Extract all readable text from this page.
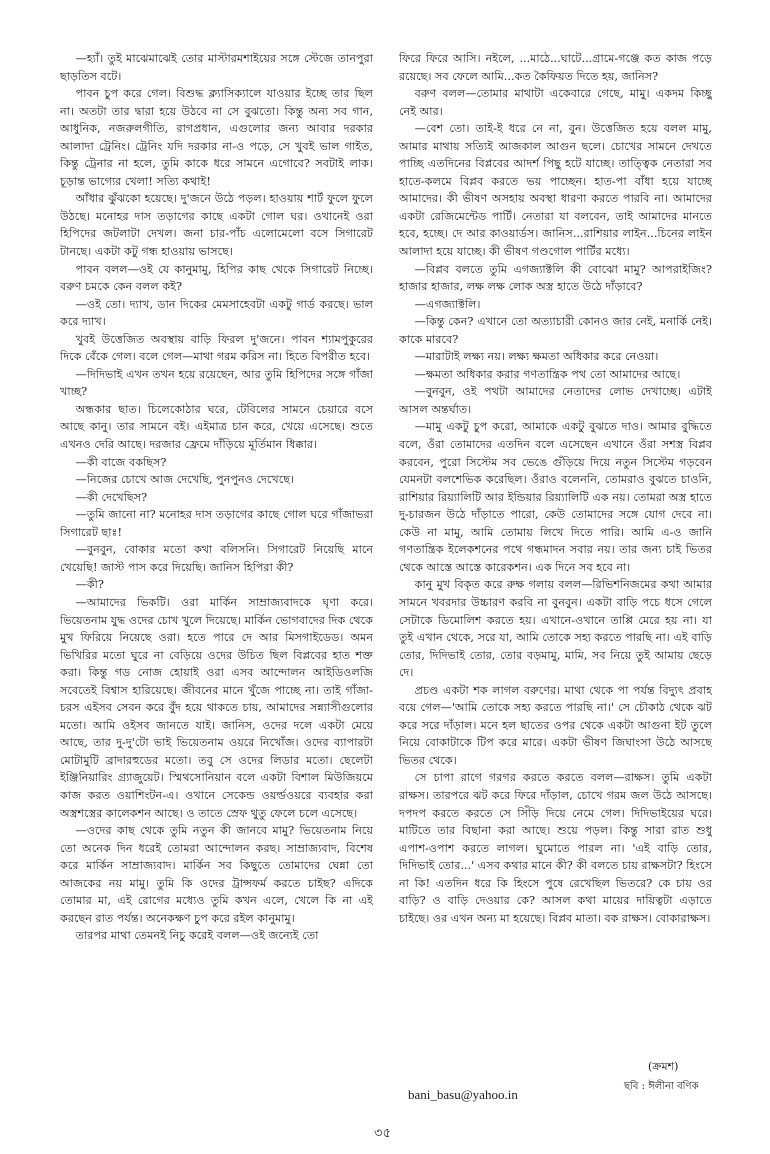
—হ্যাঁ। তুই মাঝেমাঝেই তোর মাস্টারমশাইয়ের সঙ্গে স্টেজে তানপুরা ছাড়তিস বটে।

পাবন চুপ করে গেল। বিশুদ্ধ ক্ল্যাসিক্যালে যাওয়ার ইচ্ছে তার ছিল না। অতটা তার দ্বারা হয়ে উঠবে না সে বুঝতো। কিন্তু অন্য সব গান, আধুনিক, নজরুলগীতি, রাগপ্রধান, এগুলোর জন্য আবার দরকার আলাদা ট্রেনিং। ট্রেনিং যদি দরকার না-ও পড়ে, সে খুবই ভাল গাইত, কিন্তু ট্রেনার না হলে, তুমি কাকে ধরে সামনে এগোবে? সবটাই লাক। চূড়ান্ত ভাগ্যের খেলা! সত্যি কথাই!

আঁধার ঝুঁঝকো হয়েছে। দু'জনে উঠে পড়ল। হাওয়ায় শার্ট ফুলে ফুলে উঠছে। মনোহর দাস তড়াগের কাছে একটা গোল ঘর। ওখানেই ওরা হিপিদের জটলাটা দেখল। জনা চার-পাঁচ এলোমেলো বসে সিগারেট টানছে। একটা কটু গন্ধ হাওয়ায় ভাসছে।

পাবন বলল—ওই যে কানুমামু, হিপির কাছ থেকে সিগারেট নিচ্ছে। বরুণ চমকে কেন বলল কই?

—ওই তো। দ্যাখ, ডান দিকের মেমসাহেবটা একটু গার্ড করছে। ভাল করে দ্যাখ।

খুবই উত্তেজিত অবস্থায় বাড়ি ফিরল দু'জনে। পাবন শ্যামপুকুরের দিকে বেঁকে গেল। বলে গেল—মাথা গরম করিস না। হিতে বিপরীত হবে।

—দিদিভাই এখন তখন হয়ে রয়েছেন, আর তুমি হিপিদের সঙ্গে গাঁজা খাচ্ছ?

অন্ধকার ছাত। চিলেকোঠার ঘরে, টেবিলের সামনে চেয়ারে বসে আছে কানু। তার সামনে বই। এইমাত্র চান করে, খেয়ে এসেছে। শুতে এখনও দেরি আছে। দরজার ফ্রেমে দাঁড়িয়ে মূর্তিমান ধিক্কার।

—কী বাজে বকছিস?

—নিজের চোখে আজ দেখেছি, পুনপুনও দেখেছে।

—কী দেখেছিস?

—তুমি জানো না? মনোহর দাস তড়াগের কাছে গোল ঘরে গাঁজাভরা সিগারেট ছাঃ!

—বুনবুন, বোকার মতো কথা বলিসনি। সিগারেট নিয়েছি মানে খেয়েছি! জাস্ট পাস করে দিয়েছি। জানিস হিপিরা কী?

—কী?

—আমাদের ভিকটি। ওরা মার্কিন সাম্রাজ্যবাদকে ঘৃণা করে। ভিয়েতনাম যুদ্ধ ওদের চোখ খুলে দিয়েছে। মার্কিন ভোগবাদের দিক থেকে মুখ ফিরিয়ে নিয়েছে ওরা। হতে পারে দে আর মিসগাইডেড। অমন ভিখিরির মতো ঘুরে না বেড়িয়ে ওদের উচিত ছিল বিপ্লবের হাত শক্ত করা। কিন্তু গড নোজ হোয়াই ওরা এসব আন্দোলন আইডিওলজি সবেতেই বিশ্বাস হারিয়েছে। জীবনের মানে খুঁজে পাচ্ছে না। তাই গাঁজা-চরস এইসব সেবন করে বুঁদ হয়ে থাকতে চায়, আমাদের সন্ন্যাসীগুলোর মতো। আমি ওইসব জানতে যাই। জানিস, ওদের দলে একটা মেয়ে আছে, তার দু-দু'টো ভাই ভিয়েতনাম ওয়রে নিখোঁজ। ওদের ব্যাপারটা মোটামুটি ব্রাদারহুডের মতো। তবু সে ওদের লিডার মতো। ছেলেটা ইঞ্জিনিয়ারিং গ্র্যাজুয়েট। স্মিথসোনিয়ান বলে একটা বিশাল মিউজিয়মে কাজ করত ওয়াশিংটন-এ। ওখানে সেকেন্ড ওয়র্ল্ডওয়রে ব্যবহার করা অস্ত্রশস্ত্রের কালেকশন আছে। ও তাতে স্রেফ থুতু ফেলে চলে এসেছে।

—ওদের কাছ থেকে তুমি নতুন কী জানবে মামু? ভিয়েতনাম নিয়ে তো অনেক দিন ধরেই তোমরা আন্দোলন করছ। সাম্রাজ্যবাদ, বিশেষ করে মার্কিন সাম্রাজ্যবাদ। মার্কিন সব কিছুতে তোমাদের ঘেন্না তো আজকের নয় মামু। তুমি কি ওদের ট্রান্সফর্ম করতে চাইছ? এদিকে তোমার মা, এই রোগের মধ্যেও তুমি কখন এলে, খেলে কি না এই করছেন রাত পর্যন্ত। অনেকক্ষণ চুপ করে রইল কানুমামু।

তারপর মাথা তেমনই নিচু করেই বলল—ওই জন্যেই তো

ফিরে ফিরে আসি। নইলে, ...মাঠে...ঘাটে...গ্রামে-গঞ্জে কত কাজ পড়ে রয়েছে। সব ফেলে আমি...কত কৈফিয়ত দিতে হয়, জানিস?

বরুণ বলল—তোমার মাথাটা একেবারে গেছে, মামু। একদম কিচ্ছু নেই আর।

—বেশ তো। তাই-ই ধরে নে না, বুন। উত্তেজিত হয়ে বলল মামু, আমার মাথায় সত্যিই আজকাল আগুন ছলে। চোখের সামনে দেখতে পাচ্ছি এতদিনের বিপ্লবের আদর্শ পিছু হটে যাচ্ছে। তাত্ত্বিক নেতারা সব হাতে-কলমে বিপ্লব করতে ভয় পাচ্ছেন। হাত-পা বাঁধা হয়ে যাচ্ছে আমাদের। কী ভীষণ অসহায় অবস্থা ধারণা করতে পারবি না। আমাদের একটা রেজিমেন্টেড পার্টি। নেতারা যা বলবেন, তাই আমাদের মানতে হবে, হচ্ছে। দে আর কাওয়ার্ডস। জানিস...রাশিয়ার লাইন...চিনের লাইন আলাদা হয়ে যাচ্ছে। কী ভীষণ গণ্ডগোল পার্টির মধ্যে।

—বিপ্লব বলতে তুমি এগজ্যাক্টলি কী বোঝো মামু? আপরাইজিং? হাজার হাজার, লক্ষ লক্ষ লোক অস্ত্র হাতে উঠে দাঁড়াবে?

—এগজ্যাক্টলি।

—কিন্তু কেন? এখানে তো অত্যাচারী কোনও জার নেই, মনার্কি নেই। কাকে মারবে?

—মারাটাই লক্ষ্য নয়। লক্ষ্য ক্ষমতা অধিকার করে নেওয়া।

—ক্ষমতা অধিকার করার গণতান্ত্রিক পথ তো আমাদের আছে।

—বুনবুন, ওই পথটা আমাদের নেতাদের লোভ দেখাচ্ছে। এটাই আসল অন্তর্ঘাত।

—মামু একটু চুপ করো, আমাকে একটু বুঝতে দাও। আমার বুদ্ধিতে বলে, ওঁরা তোমাদের এতদিন বলে এসেছেন এখানে ওঁরা সশস্ত্র বিপ্লব করবেন, পুরো সিস্টেম সব ভেঙে গুঁড়িয়ে দিয়ে নতুন সিস্টেম গড়বেন যেমনটা বলশেভিক করেছিল। ওঁরাও বলেননি, তোমরাও বুঝতে চাওনি, রাশিয়ার রিয়্যালিটি আর ইন্ডিয়ার রিয়্যালিটি এক নয়। তোমরা অস্ত্র হাতে দু-চারজন উঠে দাঁড়াতে পারো, কেউ তোমাদের সঙ্গে যোগ দেবে না। কেউ না মামু, আমি তোমায় লিখে দিতে পারি। আমি এ-ও জানি গণতান্ত্রিক ইলেকশনের পথে গন্ধমাদন সবার নয়। তার জন্য চাই ভিতর থেকে আস্তে আস্তে কারেকশন। এক দিনে সব হবে না।

কানু মুখ বিকৃত করে রুক্ষ গলায় বলল—রিভিশনিজমের কথা আমার সামনে খবরদার উচ্চারণ করবি না বুনবুন। একটা বাড়ি পচে ধসে গেলে সেটাকে ডিমোলিশ করতে হয়। এখানে-ওখানে তাপ্পি মেরে হয় না। যা তুই এখান থেকে, সরে যা, আমি তোকে সহ্য করতে পারছি না। এই বাড়ি তোর, দিদিভাই তোর, তোর বড়মামু, মামি, সব নিয়ে তুই আমায় ছেড়ে দে।

প্রচণ্ড একটা শক লাগল বরুণের। মাথা থেকে পা পর্যন্ত বিদ্যুৎ প্রবাহ বয়ে গেল—'আমি তোকে সহ্য করতে পারছি না।' সে চৌকাঠ থেকে ঝট করে সরে দাঁড়াল। মনে হল ছাতের ওপর থেকে একটা আগুনা ইট তুলে নিয়ে বোকাটাকে টিপ করে মারে। একটা ভীষণ জিঘাংসা উঠে আসছে ভিতর থেকে।

সে চাপা রাগে গরগর করতে করতে বলল—রাক্ষস। তুমি একটা রাক্ষস। তারপরে ঝট করে ফিরে দাঁড়াল, চোখে গরম জল উঠে আসছে। দপদপ করতে করতে সে সিঁড়ি দিয়ে নেমে গেল। দিদিভাইয়ের ঘরে। মাটিতে তার বিছানা করা আছে। শুয়ে পড়ল। কিন্তু সারা রাত শুধু এপাশ-ওপাশ করতে লাগল। ঘুমোতে পারল না। 'এই বাড়ি তোর, দিদিভাই তোর...' এসব কথার মানে কী? কী বলতে চায় রাক্ষসটা? হিংসে না কি! এতদিন ধরে কি হিংসে পুষে রেখেছিল ভিতরে? কে চায় ওর বাড়ি? ও বাড়ি দেওয়ার কে? আসল কথা মায়ের দায়িত্বটা এড়াতে চাইছে। ওর এখন অন্য মা হয়েছে। বিপ্লব মাতা। বক রাক্ষস। বোকারাক্ষস।

(ক্রমশ)
ছবি : ঈলীনা বণিক
bani_basu@yahoo.in
৩৫
